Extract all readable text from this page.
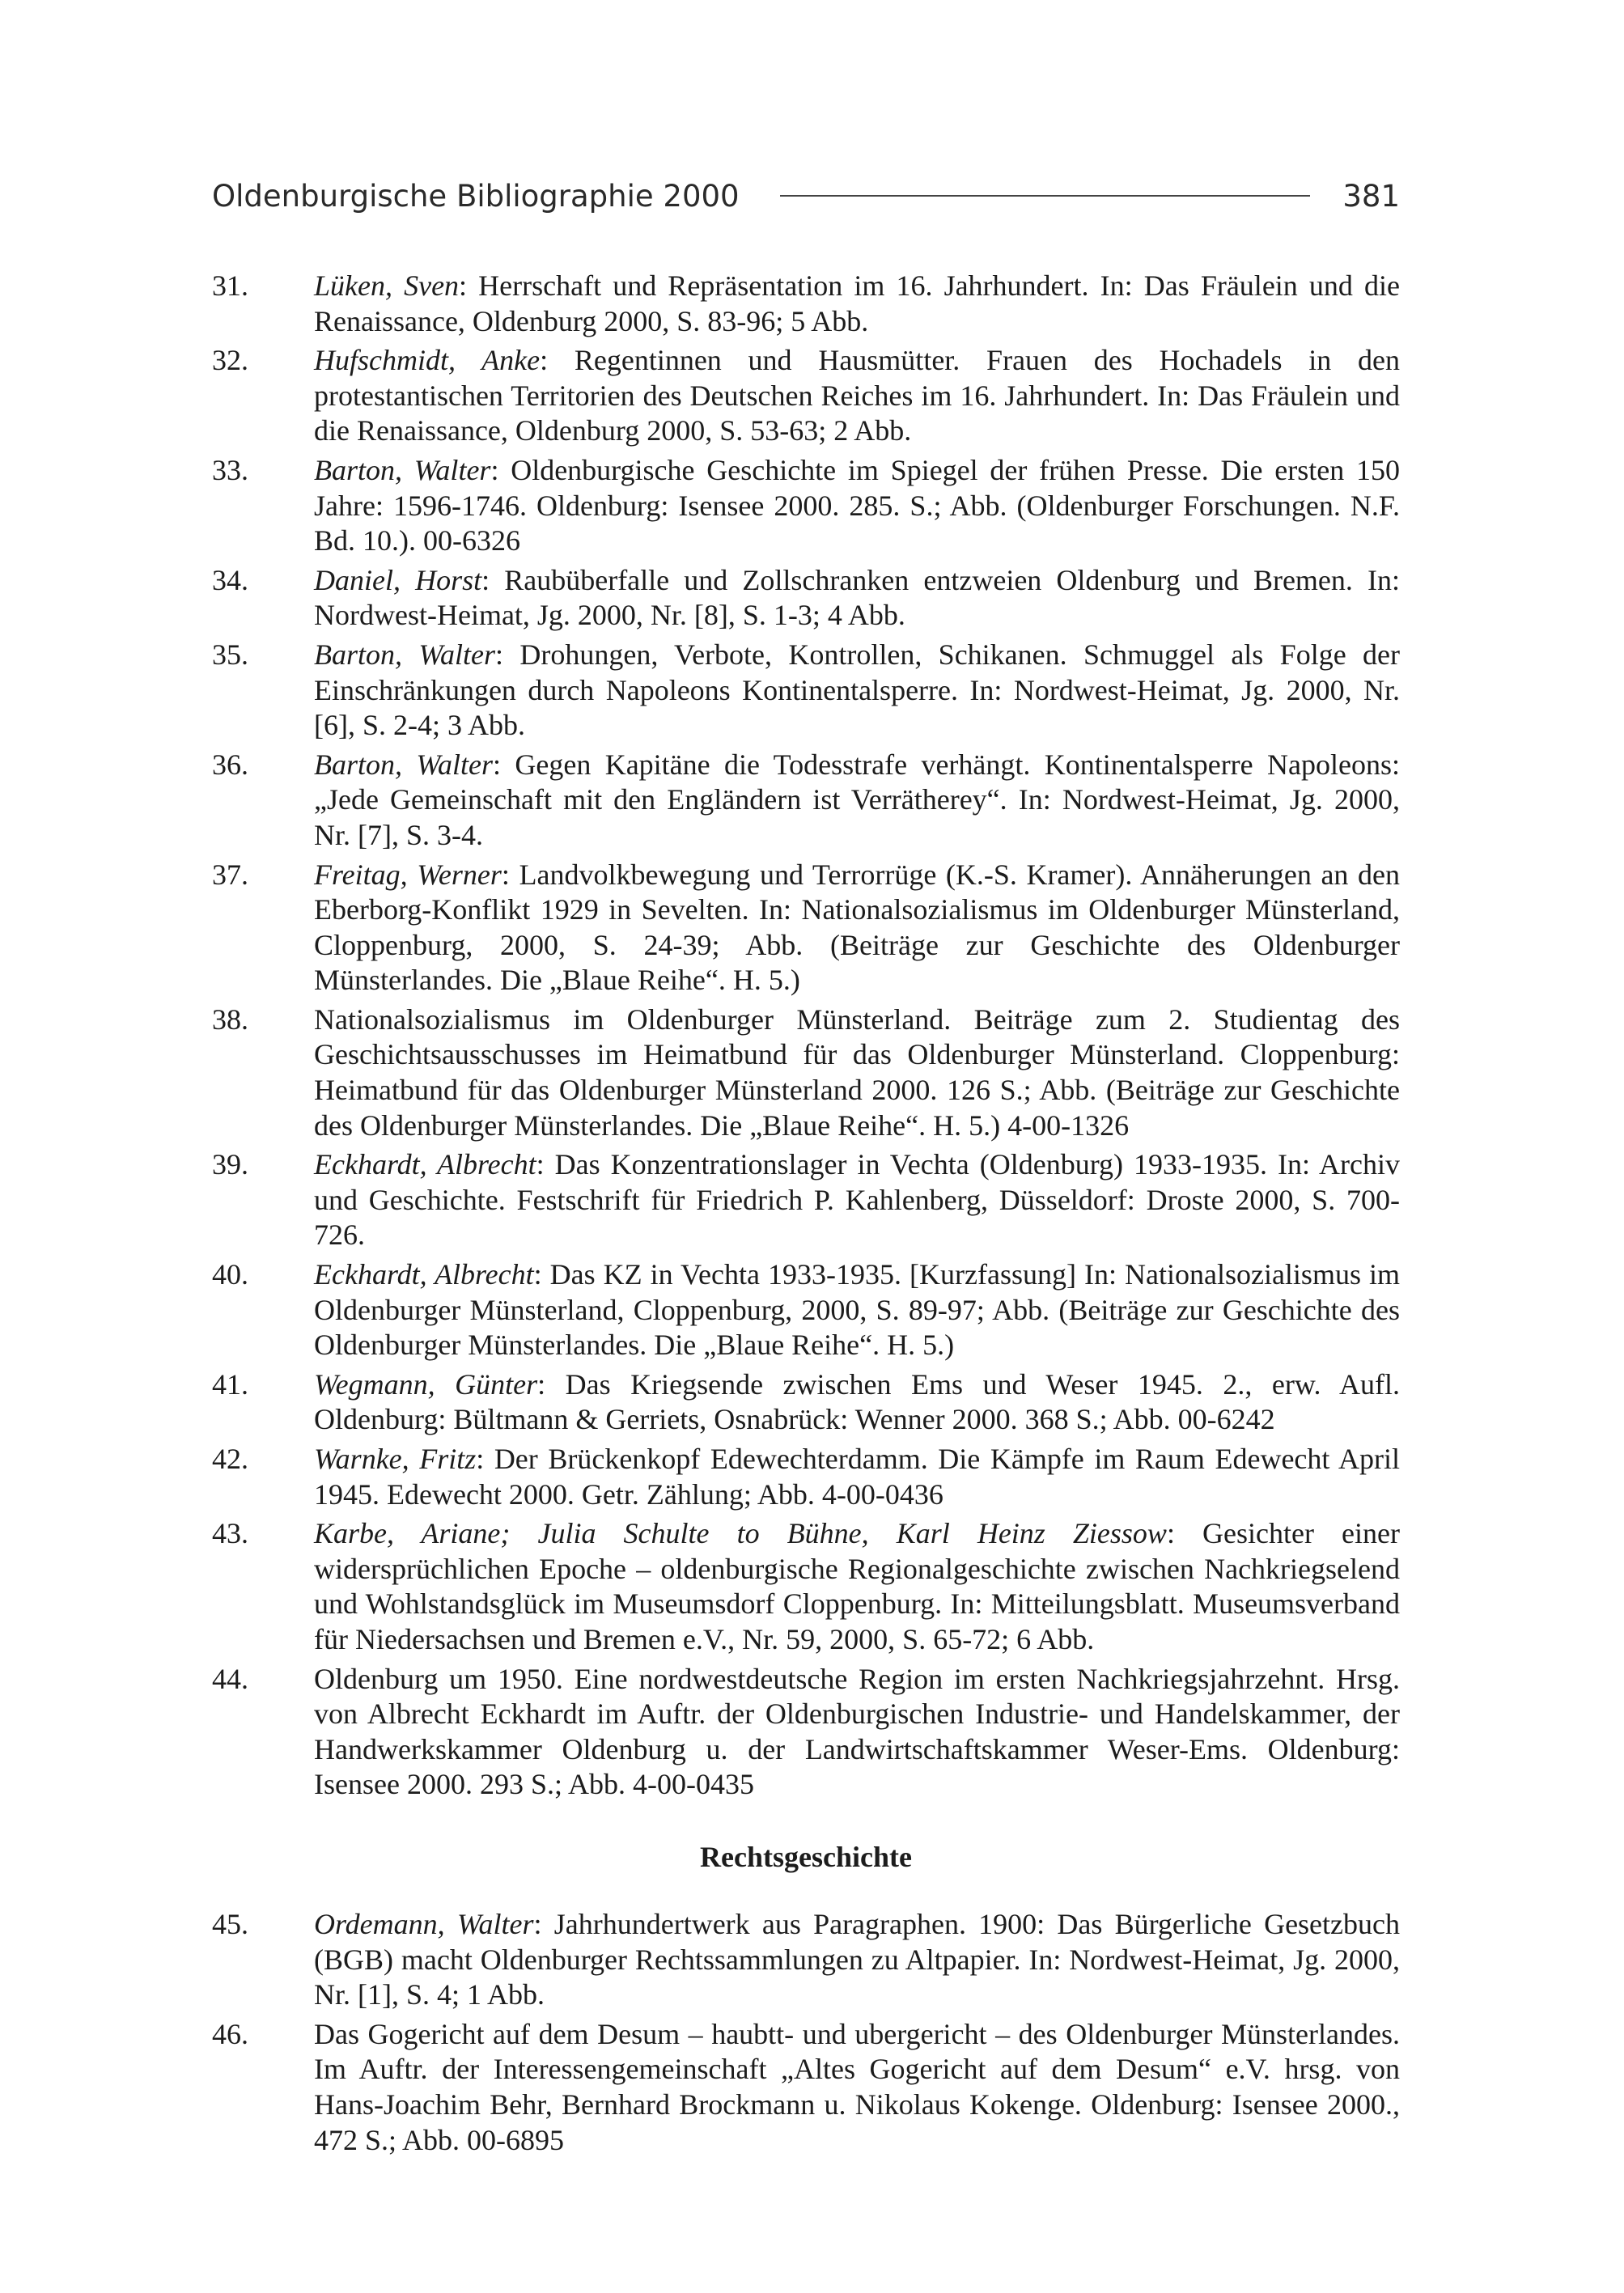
Oldenburgische Bibliographie 2000	381
31.	Lüken, Sven: Herrschaft und Repräsentation im 16. Jahrhundert. In: Das Fräulein und die Renaissance, Oldenburg 2000, S. 83-96; 5 Abb.
32.	Hufschmidt, Anke: Regentinnen und Hausmütter. Frauen des Hochadels in den protestantischen Territorien des Deutschen Reiches im 16. Jahrhundert. In: Das Fräulein und die Renaissance, Oldenburg 2000, S. 53-63; 2 Abb.
33.	Barton, Walter: Oldenburgische Geschichte im Spiegel der frühen Presse. Die ersten 150 Jahre: 1596-1746. Oldenburg: Isensee 2000. 285. S.; Abb. (Oldenburger Forschungen. N.F. Bd. 10.). 00-6326
34.	Daniel, Horst: Raubüberfalle und Zollschranken entzweien Oldenburg und Bremen. In: Nordwest-Heimat, Jg. 2000, Nr. [8], S. 1-3; 4 Abb.
35.	Barton, Walter: Drohungen, Verbote, Kontrollen, Schikanen. Schmuggel als Folge der Einschränkungen durch Napoleons Kontinentalsperre. In: Nordwest-Heimat, Jg. 2000, Nr. [6], S. 2-4; 3 Abb.
36.	Barton, Walter: Gegen Kapitäne die Todesstrafe verhängt. Kontinentalsperre Napoleons: „Jede Gemeinschaft mit den Engländern ist Verrätherey“. In: Nordwest-Heimat, Jg. 2000, Nr. [7], S. 3-4.
37.	Freitag, Werner: Landvolkbewegung und Terrorrüge (K.-S. Kramer). Annäherungen an den Eberborg-Konflikt 1929 in Sevelten. In: Nationalsozialismus im Oldenburger Münsterland, Cloppenburg, 2000, S. 24-39; Abb. (Beiträge zur Geschichte des Oldenburger Münsterlandes. Die „Blaue Reihe“. H. 5.)
38.	Nationalsozialismus im Oldenburger Münsterland. Beiträge zum 2. Studientag des Geschichtsausschusses im Heimatbund für das Oldenburger Münsterland. Cloppenburg: Heimatbund für das Oldenburger Münsterland 2000. 126 S.; Abb. (Beiträge zur Geschichte des Oldenburger Münsterlandes. Die „Blaue Reihe“. H. 5.) 4-00-1326
39.	Eckhardt, Albrecht: Das Konzentrationslager in Vechta (Oldenburg) 1933-1935. In: Archiv und Geschichte. Festschrift für Friedrich P. Kahlenberg, Düsseldorf: Droste 2000, S. 700-726.
40.	Eckhardt, Albrecht: Das KZ in Vechta 1933-1935. [Kurzfassung] In: Nationalsozialismus im Oldenburger Münsterland, Cloppenburg, 2000, S. 89-97; Abb. (Beiträge zur Geschichte des Oldenburger Münsterlandes. Die „Blaue Reihe“. H. 5.)
41.	Wegmann, Günter: Das Kriegsende zwischen Ems und Weser 1945. 2., erw. Aufl. Oldenburg: Bültmann & Gerriets, Osnabrück: Wenner 2000. 368 S.; Abb. 00-6242
42.	Warnke, Fritz: Der Brückenkopf Edewechterdamm. Die Kämpfe im Raum Edewecht April 1945. Edewecht 2000. Getr. Zählung; Abb. 4-00-0436
43.	Karbe, Ariane; Julia Schulte to Bühne, Karl Heinz Ziessow: Gesichter einer widersprüchlichen Epoche – oldenburgische Regionalgeschichte zwischen Nachkriegselend und Wohlstandsglück im Museumsdorf Cloppenburg. In: Mitteilungsblatt. Museumsverband für Niedersachsen und Bremen e.V., Nr. 59, 2000, S. 65-72; 6 Abb.
44.	Oldenburg um 1950. Eine nordwestdeutsche Region im ersten Nachkriegsjahrzehnt. Hrsg. von Albrecht Eckhardt im Auftr. der Oldenburgischen Industrie- und Handelskammer, der Handwerkskammer Oldenburg u. der Landwirtschaftskammer Weser-Ems. Oldenburg: Isensee 2000. 293 S.; Abb. 4-00-0435
Rechtsgeschichte
45.	Ordemann, Walter: Jahrhundertwerk aus Paragraphen. 1900: Das Bürgerliche Gesetzbuch (BGB) macht Oldenburger Rechtssammlungen zu Altpapier. In: Nordwest-Heimat, Jg. 2000, Nr. [1], S. 4; 1 Abb.
46.	Das Gogericht auf dem Desum – haubtt- und ubergericht – des Oldenburger Münsterlandes. Im Auftr. der Interessengemeinschaft „Altes Gogericht auf dem Desum“ e.V. hrsg. von Hans-Joachim Behr, Bernhard Brockmann u. Nikolaus Kokenge. Oldenburg: Isensee 2000., 472 S.; Abb. 00-6895
